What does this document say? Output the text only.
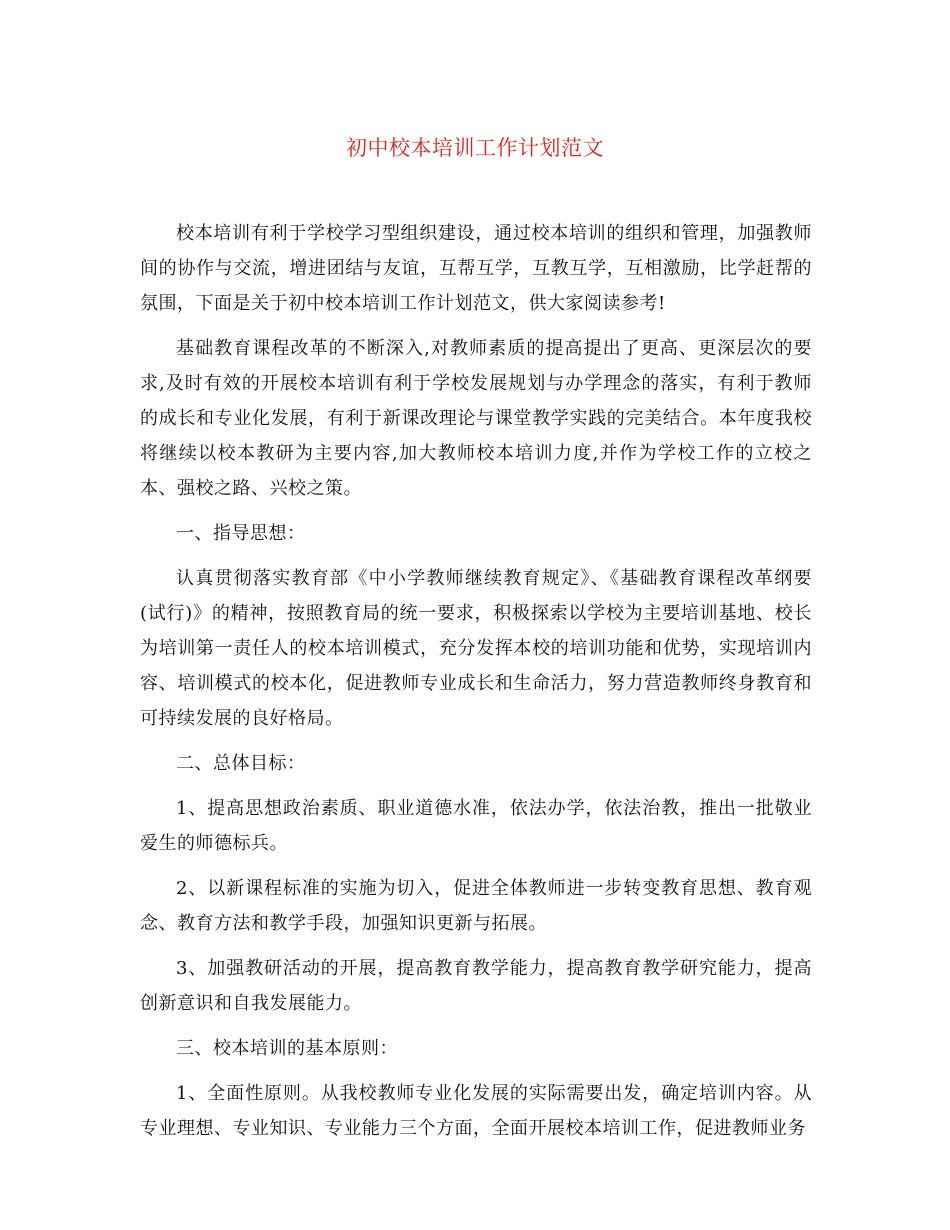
初中校本培训工作计划范文

校本培训有利于学校学习型组织建设，通过校本培训的组织和管理，加强教师间的协作与交流，增进团结与友谊，互帮互学，互教互学，互相激励，比学赶帮的氛围，下面是关于初中校本培训工作计划范文，供大家阅读参考!

基础教育课程改革的不断深入,对教师素质的提高提出了更高、更深层次的要求,及时有效的开展校本培训有利于学校发展规划与办学理念的落实，有利于教师的成长和专业化发展，有利于新课改理论与课堂教学实践的完美结合。本年度我校将继续以校本教研为主要内容,加大教师校本培训力度,并作为学校工作的立校之本、强校之路、兴校之策。

一、指导思想：

认真贯彻落实教育部《中小学教师继续教育规定》、《基础教育课程改革纲要(试行)》的精神，按照教育局的统一要求，积极探索以学校为主要培训基地、校长为培训第一责任人的校本培训模式，充分发挥本校的培训功能和优势，实现培训内容、培训模式的校本化，促进教师专业成长和生命活力，努力营造教师终身教育和可持续发展的良好格局。

二、总体目标：

1、提高思想政治素质、职业道德水准，依法办学，依法治教，推出一批敬业爱生的师德标兵。

2、以新课程标准的实施为切入，促进全体教师进一步转变教育思想、教育观念、教育方法和教学手段，加强知识更新与拓展。

3、加强教研活动的开展，提高教育教学能力，提高教育教学研究能力，提高创新意识和自我发展能力。

三、校本培训的基本原则：

1、全面性原则。从我校教师专业化发展的实际需要出发，确定培训内容。从专业理想、专业知识、专业能力三个方面，全面开展校本培训工作，促进教师业务
